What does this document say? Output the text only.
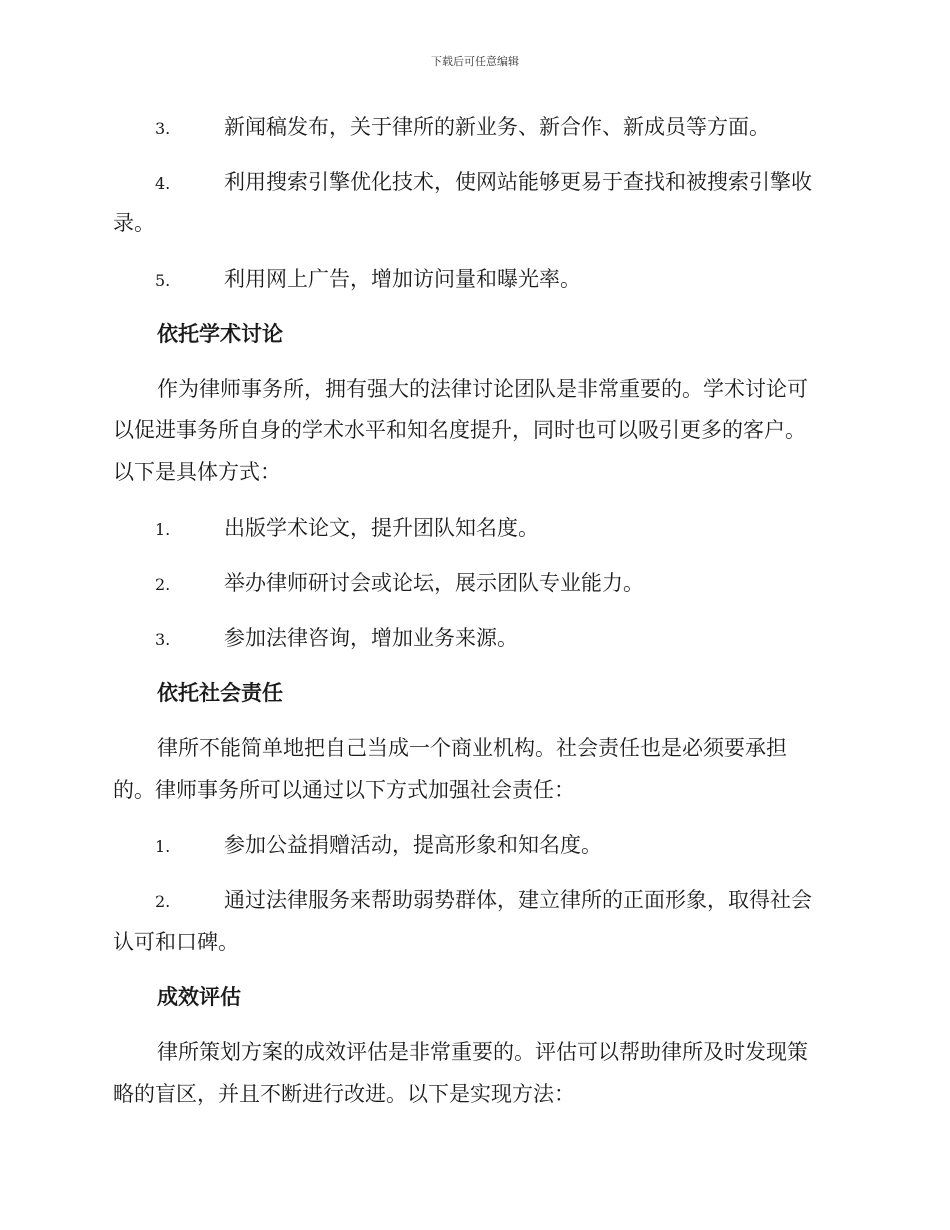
下载后可任意编辑
3.	新闻稿发布，关于律所的新业务、新合作、新成员等方面。
4.	利用搜索引擎优化技术，使网站能够更易于查找和被搜索引擎收
录。
5.	利用网上广告，增加访问量和曝光率。
依托学术讨论
作为律师事务所，拥有强大的法律讨论团队是非常重要的。学术讨论可
以促进事务所自身的学术水平和知名度提升，同时也可以吸引更多的客户。
以下是具体方式：
1.	出版学术论文，提升团队知名度。
2.	举办律师研讨会或论坛，展示团队专业能力。
3.	参加法律咨询，增加业务来源。
依托社会责任
律所不能简单地把自己当成一个商业机构。社会责任也是必须要承担
的。律师事务所可以通过以下方式加强社会责任：
1.	参加公益捐赠活动，提高形象和知名度。
2.	通过法律服务来帮助弱势群体，建立律所的正面形象，取得社会
认可和口碑。
成效评估
律所策划方案的成效评估是非常重要的。评估可以帮助律所及时发现策
略的盲区，并且不断进行改进。以下是实现方法：
